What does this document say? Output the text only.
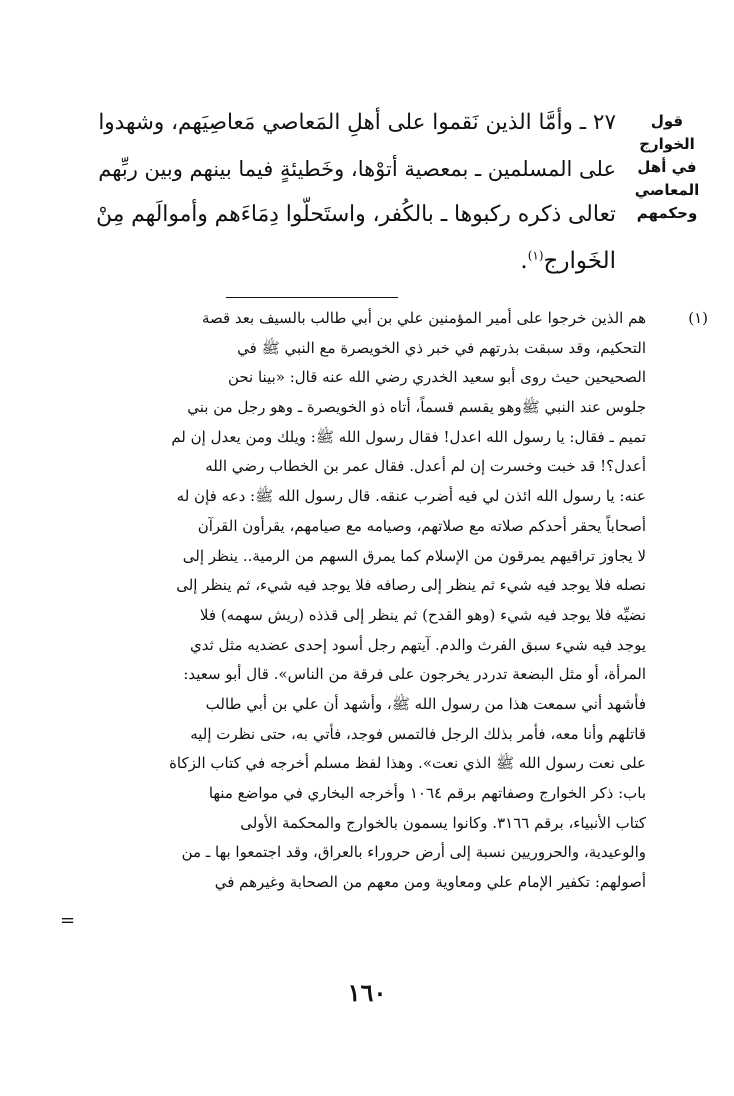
قول
الخوارج
في أهل
المعاصي
وحكمهم
٢٧ ـ وأمَّا الذين نَقموا على أهلِ المَعاصي مَعاصِيَهم، وشهدوا
على المسلمين ـ بمعصية أتوْها، وخَطيئةٍ فيما بينهم وبين ربِّهم
تعالى ذكره ركبوها ـ بالكُفر، واستَحلّوا دِمَاءَهم وأموالَهم مِنْ
الخَوارج$^{(١)}$.
(١)
هم الذين خرجوا على أمير المؤمنين علي بن أبي طالب بالسيف بعد قصة
التحكيم، وقد سبقت بذرتهم في خبر ذي الخويصرة مع النبي ﷺ في
الصحيحين حيث روى أبو سعيد الخدري رضي الله عنه قال: «بينا نحن
جلوس عند النبي ﷺوهو يقسم قسماً، أتاه ذو الخويصرة ـ وهو رجل من بني
تميم ـ فقال: يا رسول الله اعدل! فقال رسول الله ﷺ: ويلك ومن يعدل إن لم
أعدل؟! قد خبت وخسرت إن لم أعدل. فقال عمر بن الخطاب رضي الله
عنه: يا رسول الله ائذن لي فيه أضرب عنقه. قال رسول الله ﷺ: دعه فإن له
أصحاباً يحقر أحدكم صلاته مع صلاتهم، وصيامه مع صيامهم، يقرأون القرآن
لا يجاوز تراقيهم يمرقون من الإسلام كما يمرق السهم من الرمية.. ينظر إلى
نصله فلا يوجد فيه شيء ثم ينظر إلى رصافه فلا يوجد فيه شيء، ثم ينظر إلى
نضيِّه فلا يوجد فيه شيء (وهو القدح) ثم ينظر إلى قذذه (ريش سهمه) فلا
يوجد فيه شيء سبق الفرث والدم. آيتهم رجل أسود إحدى عضديه مثل ثدي
المرأة، أو مثل البضعة تدردر يخرجون على فرقة من الناس». قال أبو سعيد:
فأشهد أني سمعت هذا من رسول الله ﷺ، وأشهد أن علي بن أبي طالب
قاتلهم وأنا معه، فأمر بذلك الرجل فالتمس فوجد، فأتي به، حتى نظرت إليه
على نعت رسول الله ﷺ الذي نعت». وهذا لفظ مسلم أخرجه في كتاب الزكاة
باب: ذكر الخوارج وصفاتهم برقم ١٠٦٤ وأخرجه البخاري في مواضع منها
كتاب الأنبياء، برقم ٣١٦٦. وكانوا يسمون بالخوارج والمحكمة الأولى
والوعيدية، والحروريين نسبة إلى أرض حروراء بالعراق، وقد اجتمعوا بها ـ من
أصولهم: تكفير الإمام علي ومعاوية ومن معهم من الصحابة وغيرهم في
=
١٦٠
